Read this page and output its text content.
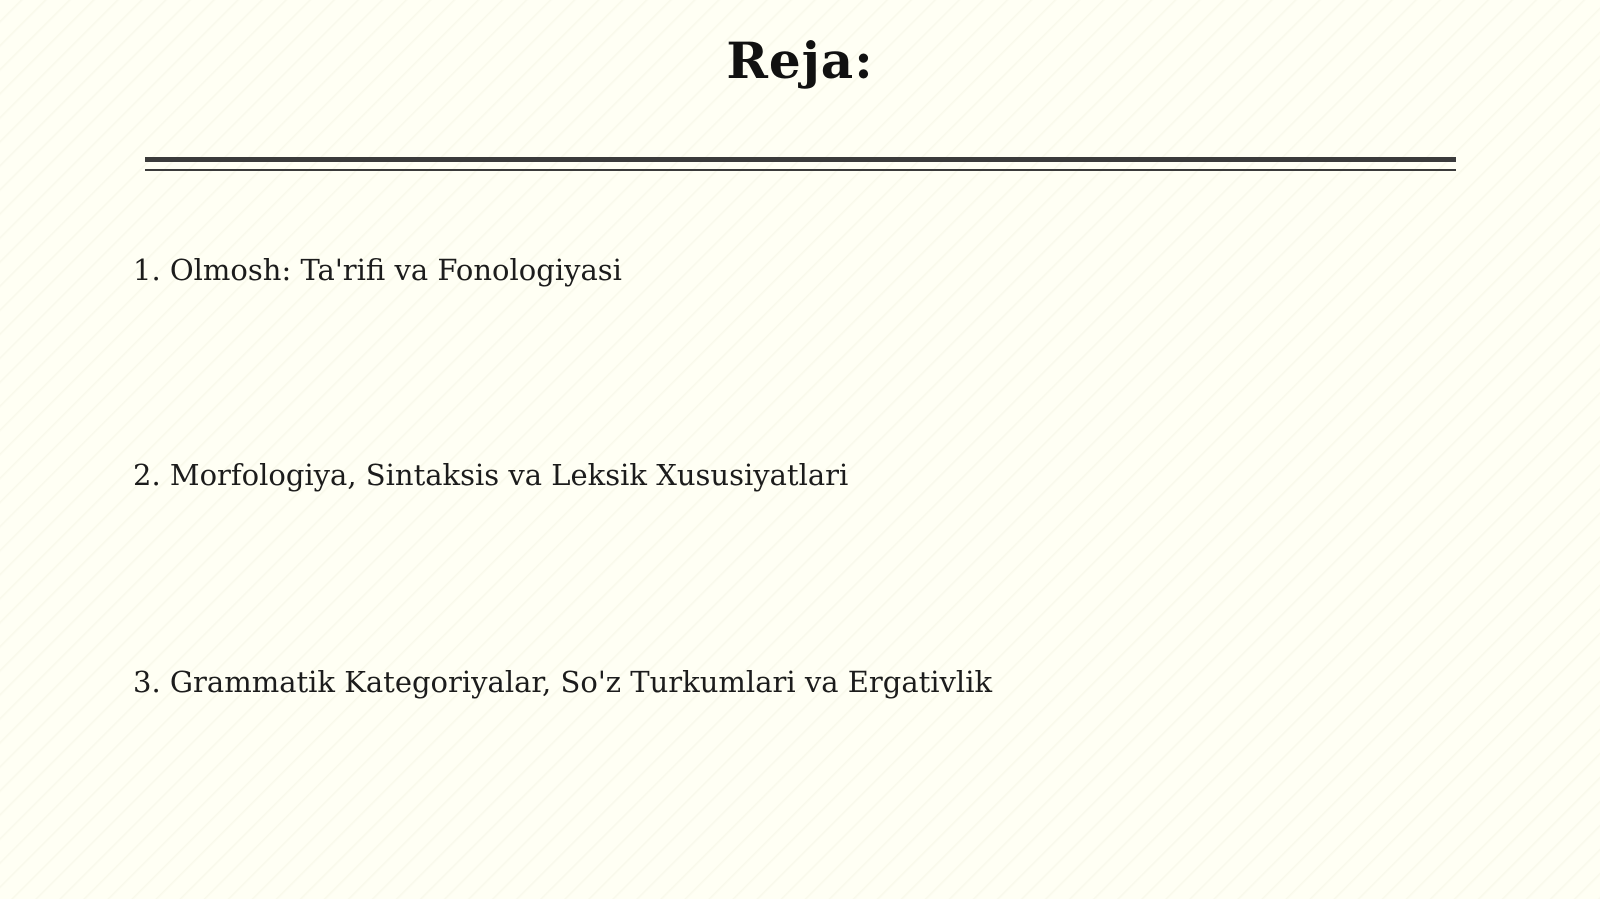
Reja:
1. Olmosh: Ta'rifi va Fonologiyasi
2. Morfologiya, Sintaksis va Leksik Xususiyatlari
3. Grammatik Kategoriyalar, So'z Turkumlari va Ergativlik
